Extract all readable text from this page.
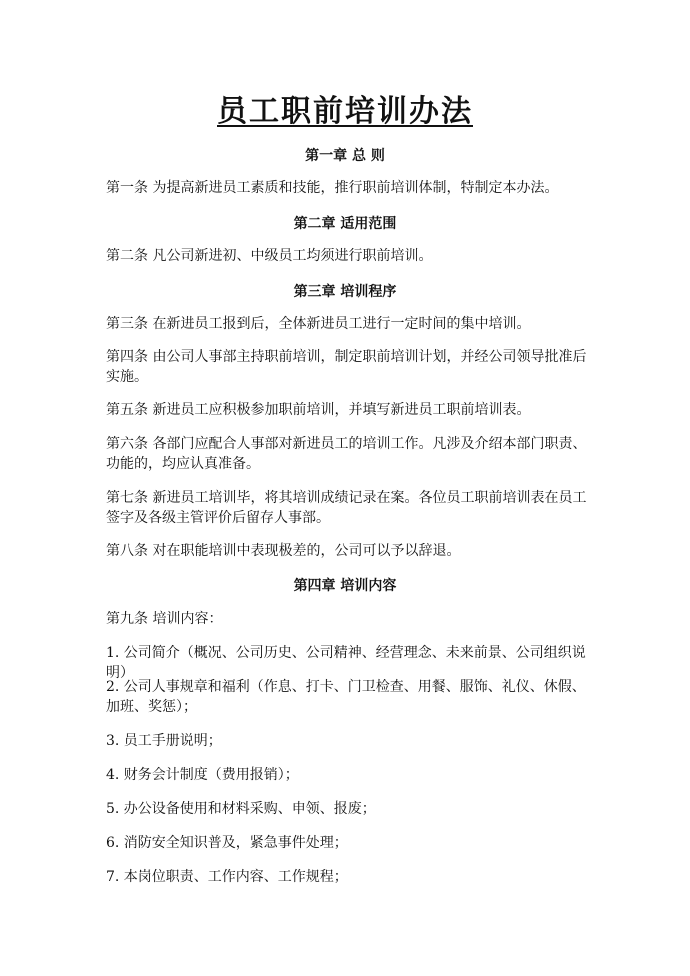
员工职前培训办法
第一章 总 则
第一条 为提高新进员工素质和技能，推行职前培训体制，特制定本办法。
第二章 适用范围
第二条 凡公司新进初、中级员工均须进行职前培训。
第三章 培训程序
第三条 在新进员工报到后，全体新进员工进行一定时间的集中培训。
第四条 由公司人事部主持职前培训，制定职前培训计划，并经公司领导批准后实施。
第五条 新进员工应积极参加职前培训，并填写新进员工职前培训表。
第六条 各部门应配合人事部对新进员工的培训工作。凡涉及介绍本部门职责、功能的，均应认真准备。
第七条 新进员工培训毕，将其培训成绩记录在案。各位员工职前培训表在员工签字及各级主管评价后留存人事部。
第八条 对在职能培训中表现极差的，公司可以予以辞退。
第四章 培训内容
第九条 培训内容：
1. 公司简介（概况、公司历史、公司精神、经营理念、未来前景、公司组织说明）
2. 公司人事规章和福利（作息、打卡、门卫检查、用餐、服饰、礼仪、休假、加班、奖惩）；
3. 员工手册说明；
4. 财务会计制度（费用报销）；
5. 办公设备使用和材料采购、申领、报废；
6. 消防安全知识普及，紧急事件处理；
7. 本岗位职责、工作内容、工作规程；
